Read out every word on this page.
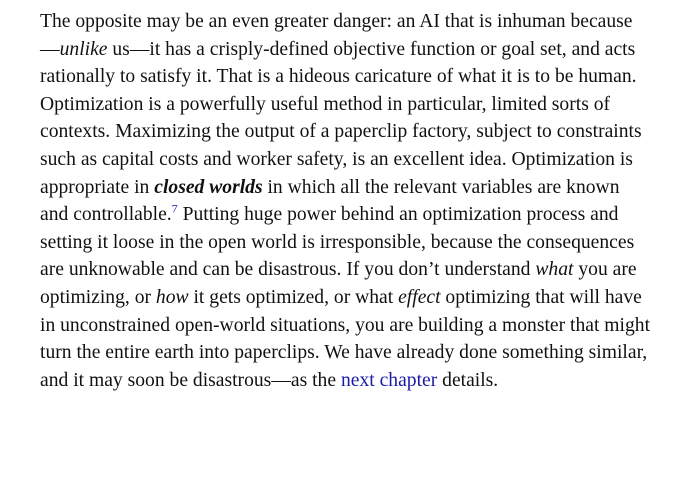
The opposite may be an even greater danger: an AI that is inhuman because—unlike us—it has a crisply-defined objective function or goal set, and acts rationally to satisfy it. That is a hideous caricature of what it is to be human. Optimization is a powerfully useful method in particular, limited sorts of contexts. Maximizing the output of a paperclip factory, subject to constraints such as capital costs and worker safety, is an excellent idea. Optimization is appropriate in closed worlds in which all the relevant variables are known and controllable.$^7$ Putting huge power behind an optimization process and setting it loose in the open world is irresponsible, because the consequences are unknowable and can be disastrous. If you don’t understand what you are optimizing, or how it gets optimized, or what effect optimizing that will have in unconstrained open-world situations, you are building a monster that might turn the entire earth into paperclips. We have already done something similar, and it may soon be disastrous—as the next chapter details.
